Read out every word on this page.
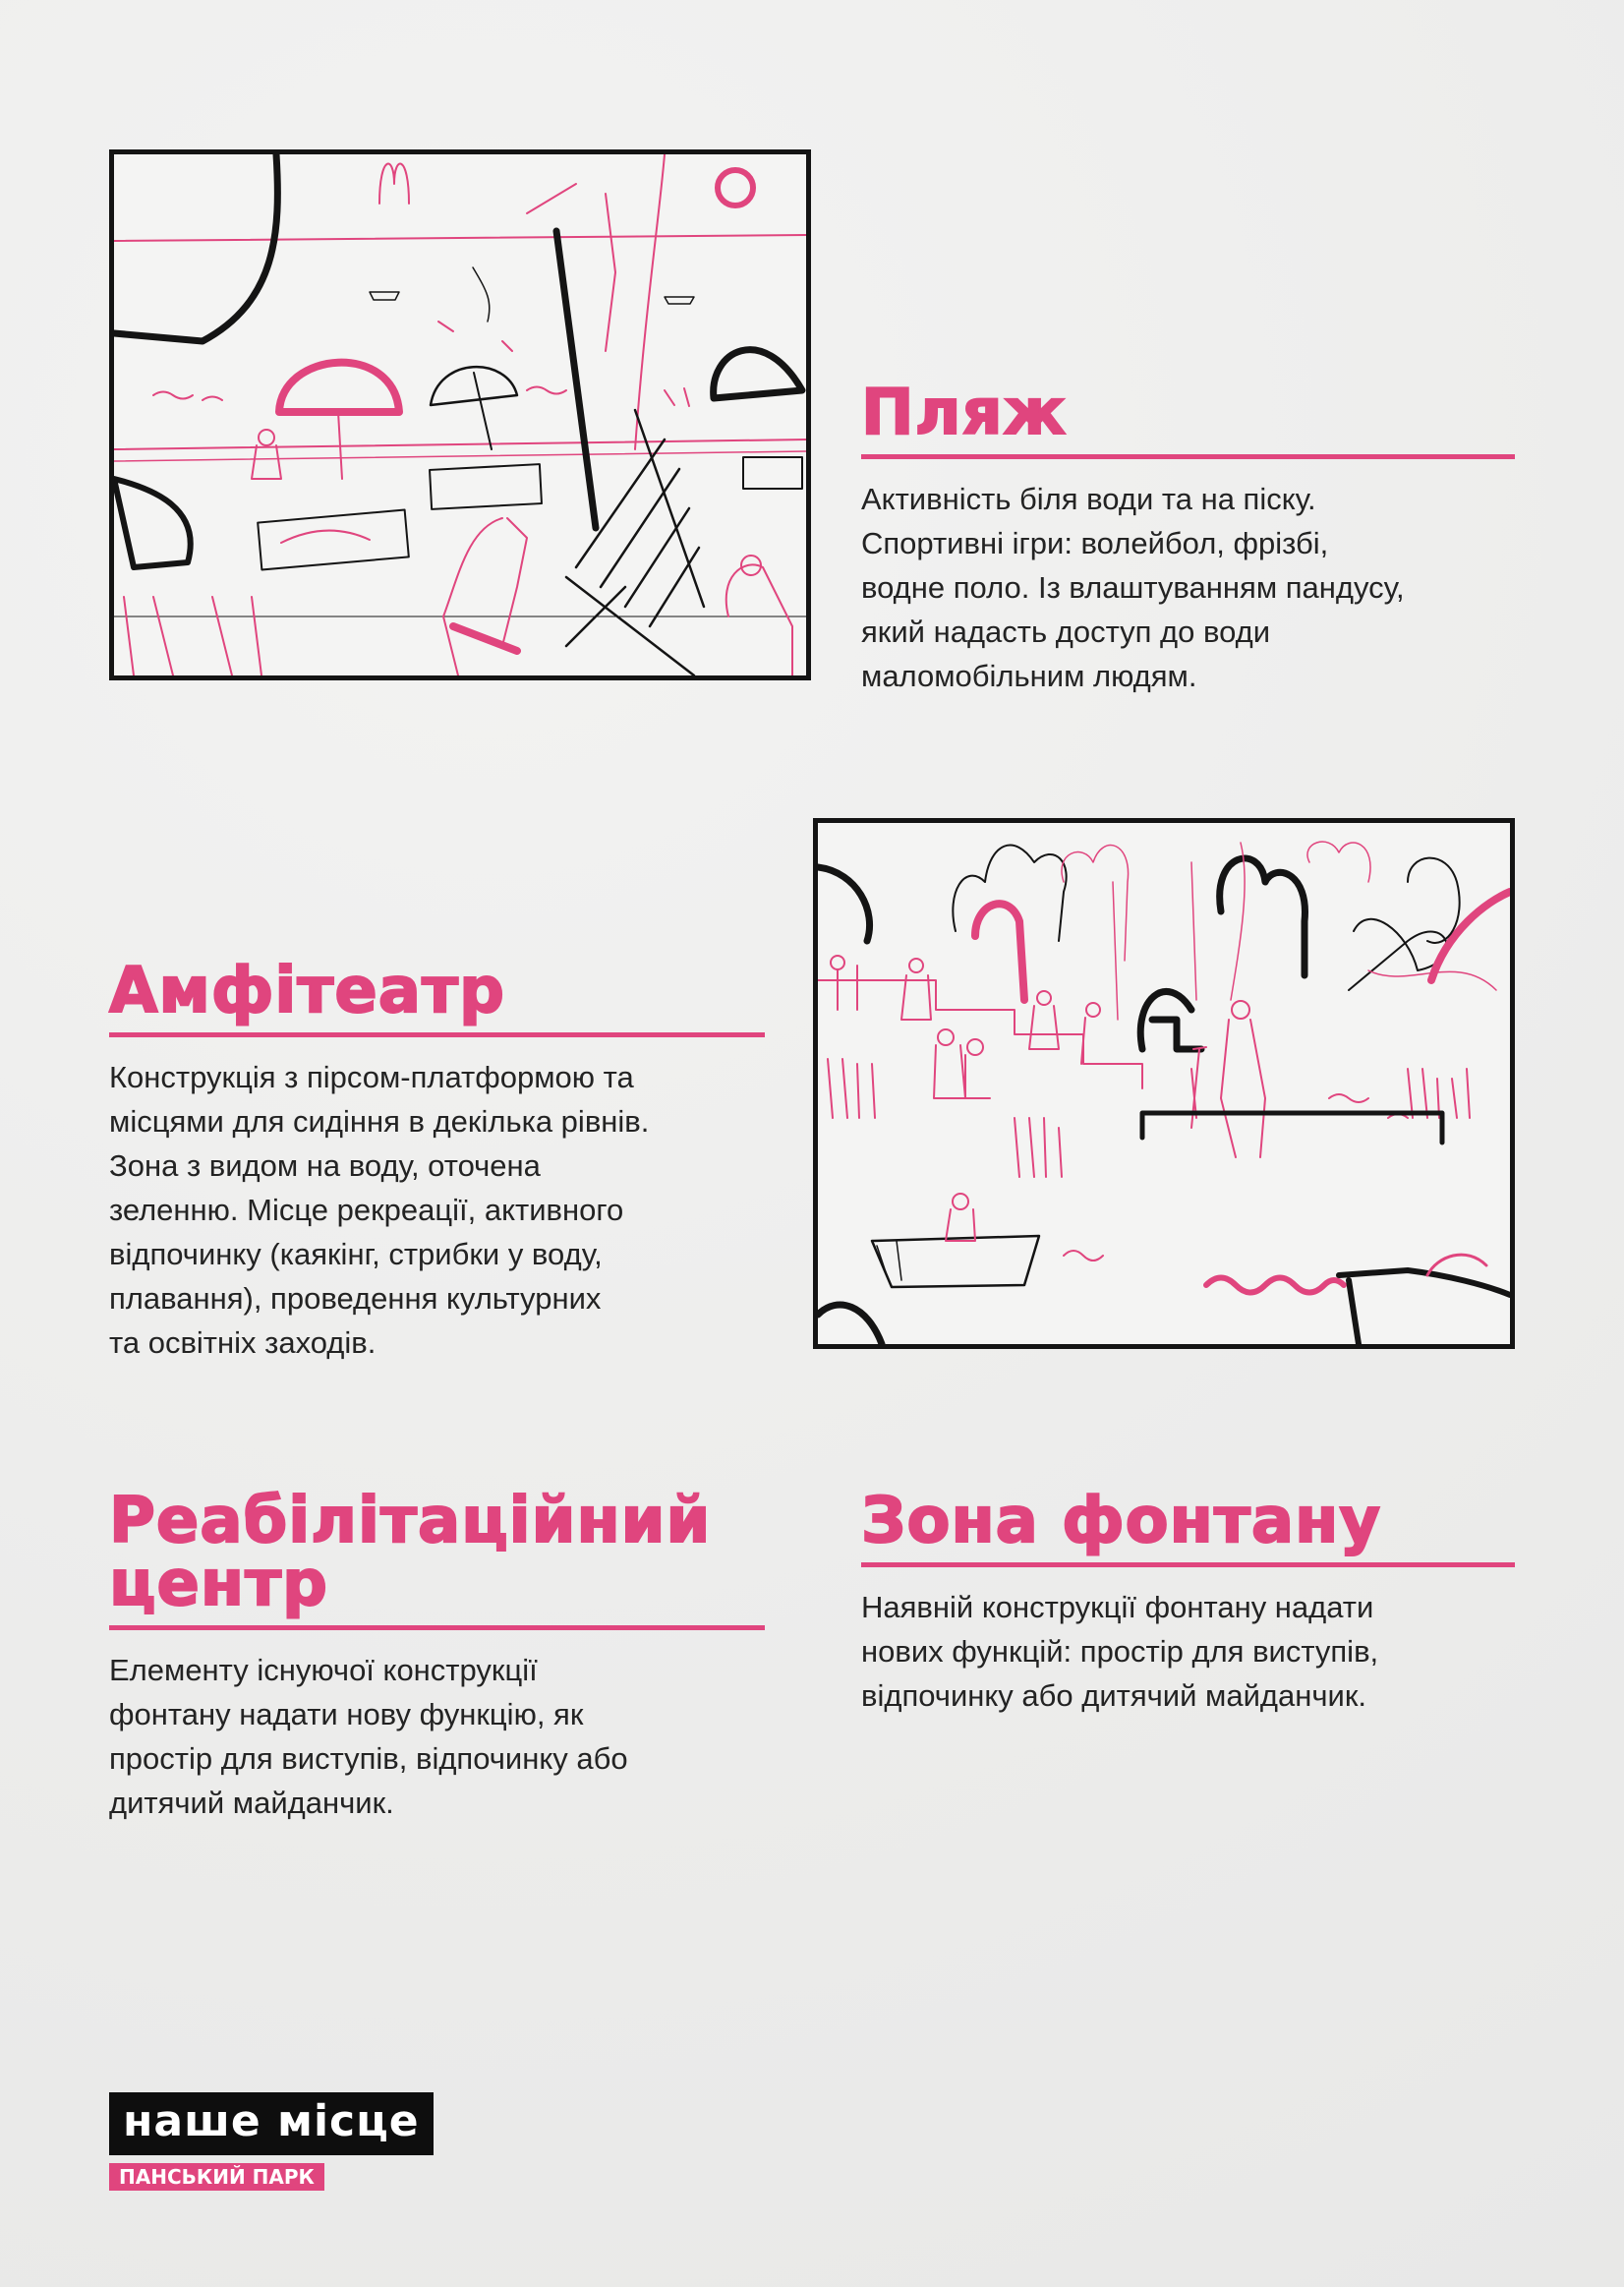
Пляж

Активність біля води та на піску.
Спортивні ігри: волейбол, фрізбі,
водне поло. Із влаштуванням пандусу,
який надасть доступ до води
маломобільним людям.

Амфітеатр

Конструкція з пірсом-платформою та
місцями для сидіння в декілька рівнів.
Зона з видом на воду, оточена
зеленню. Місце рекреації, активного
відпочинку (каякінг, стрибки у воду,
плавання), проведення культурних
та освітніх заходів.

Реабілітаційний
центр

Елементу існуючої конструкції
фонтану надати нову функцію, як
простір для виступів, відпочинку або
дитячий майданчик.

Зона фонтану

Наявній конструкції фонтану надати
нових функцій: простір для виступів,
відпочинку або дитячий майданчик.

наше місце
ПАНСЬКИЙ ПАРК
